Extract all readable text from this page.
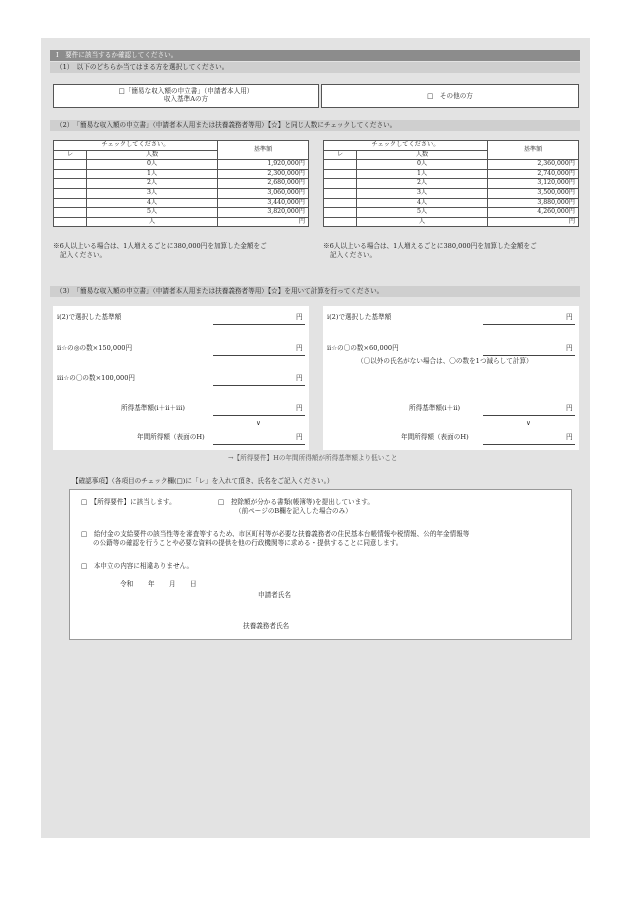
Ⅰ　要件に該当するか確認してください。
（1）　以下のどちらか当てはまる方を選択してください。
□「簡易な収入額の申立書」（申請者本人用）
収入基準Aの方	□　その他の方
（2）　「簡易な収入額の申立書」（申請者本人用または扶養義務者等用）【☆】と同じ人数にチェックしてください。
チェックしてください。		基準額
レ	人数	
	0人	1,920,000円
	1人	2,300,000円
	2人	2,680,000円
	3人	3,060,000円
	4人	3,440,000円
	5人	3,820,000円
	人	円
※6人以上いる場合は、1人増えるごとに380,000円を加算した金額をご
記入ください。
チェックしてください。		基準額
レ	人数	
	0人	2,360,000円
	1人	2,740,000円
	2人	3,120,000円
	3人	3,500,000円
	4人	3,880,000円
	5人	4,260,000円
	人	円
※6人以上いる場合は、1人増えるごとに380,000円を加算した金額をご
記入ください。
（3）　「簡易な収入額の申立書」（申請者本人用または扶養義務者等用）【☆】を用いて計算を行ってください。
ⅰ(2)で選択した基準額	円
ⅱ☆の◎の数×150,000円	円
ⅲ☆の〇の数×100,000円	円
所得基準額(ⅰ＋ⅱ＋ⅲ)	円
∨
年間所得額（表面のH)	円
ⅰ(2)で選択した基準額	円
ⅱ☆の〇の数×60,000円	円
（〇以外の氏名がない場合は、〇の数を1つ減らして計算）
所得基準額(ⅰ＋ⅱ)	円
∨
年間所得額（表面のH)	円
→【所得要件】Hの年間所得額が所得基準額より低いこと
【確認事項】（各項目のチェック欄(□)に「レ」を入れて頂き、氏名をご記入ください。）
□　【所得要件】に該当します。	□　控除額が分かる書類(帳簿等)を提出しています。
（前ページのB欄を記入した場合のみ）
□　給付金の支給要件の該当性等を審査等するため、市区町村等が必要な扶養義務者の住民基本台帳情報や税情報、公的年金情報等
の公籍等の確認を行うことや必要な資料の提供を他の行政機関等に求める・提供することに同意します。
□　本申立の内容に相違ありません。
令和 年 月 日
申請者氏名
扶養義務者氏名
